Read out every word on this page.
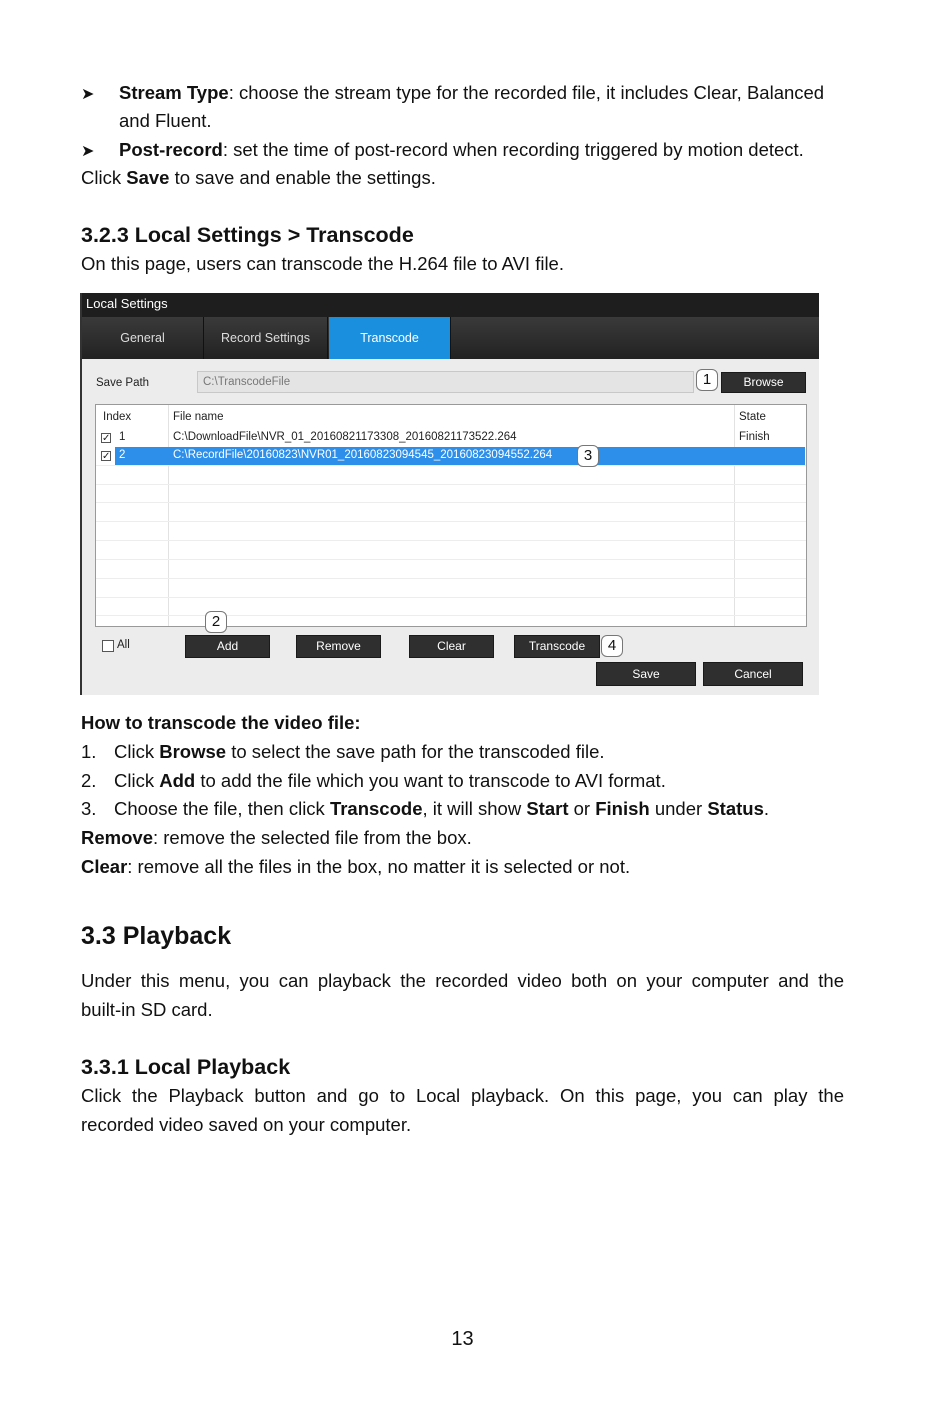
➤ Stream Type: choose the stream type for the recorded file, it includes Clear, Balanced

and Fluent.

➤ Post-record: set the time of post-record when recording triggered by motion detect.

Click Save to save and enable the settings.

3.2.3 Local Settings > Transcode

On this page, users can transcode the H.264 file to AVI file.

Local Settings
General	Record Settings	Transcode
Save Path	C:\TranscodeFile	1	Browse
Index	File name	State
✓ 1	C:\DownloadFile\NVR_01_20160821173308_20160821173522.264	Finish
✓ 2	C:\RecordFile\20160823\NVR01_20160823094545_20160823094552.264	3
All
2
Add	Remove	Clear	Transcode	4
Save	Cancel

How to transcode the video file:

1. Click Browse to select the save path for the transcoded file.

2. Click Add to add the file which you want to transcode to AVI format.

3. Choose the file, then click Transcode, it will show Start or Finish under Status.

Remove: remove the selected file from the box.

Clear: remove all the files in the box, no matter it is selected or not.

3.3 Playback

Under this menu, you can playback the recorded video both on your computer and the

built-in SD card.

3.3.1 Local Playback

Click the Playback button and go to Local playback. On this page, you can play the

recorded video saved on your computer.

13
